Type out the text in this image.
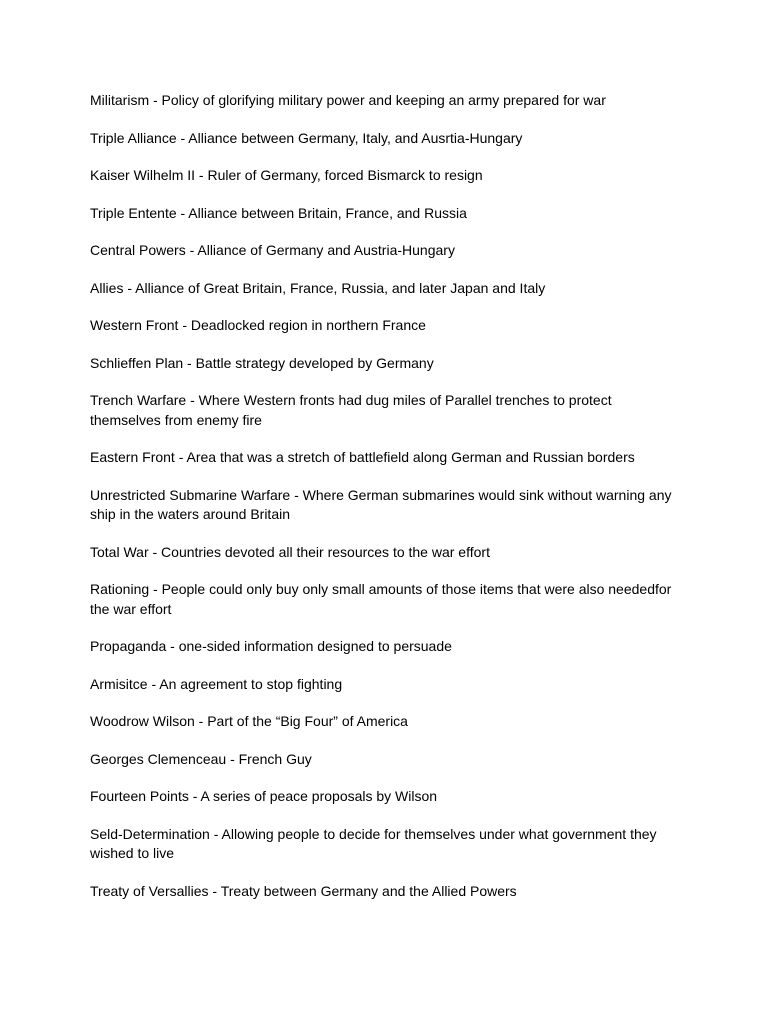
Militarism - Policy of glorifying military power and keeping an army prepared for war

Triple Alliance - Alliance between Germany, Italy, and Ausrtia-Hungary

Kaiser Wilhelm II - Ruler of Germany, forced Bismarck to resign

Triple Entente - Alliance between Britain, France, and Russia

Central Powers - Alliance of Germany and Austria-Hungary

Allies - Alliance of Great Britain, France, Russia, and later Japan and Italy

Western Front - Deadlocked region in northern France

Schlieffen Plan - Battle strategy developed by Germany

Trench Warfare - Where Western fronts had dug miles of Parallel trenches to protect themselves from enemy fire

Eastern Front - Area that was a stretch of battlefield along German and Russian borders

Unrestricted Submarine Warfare - Where German submarines would sink without warning any ship in the waters around Britain

Total War - Countries devoted all their resources to the war effort

Rationing - People could only buy only small amounts of those items that were also neededfor the war effort

Propaganda - one-sided information designed to persuade

Armisitce - An agreement to stop fighting

Woodrow Wilson - Part of the “Big Four” of America

Georges Clemenceau - French Guy

Fourteen Points - A series of peace proposals by Wilson

Seld-Determination - Allowing people to decide for themselves under what government they wished to live

Treaty of Versallies - Treaty between Germany and the Allied Powers
